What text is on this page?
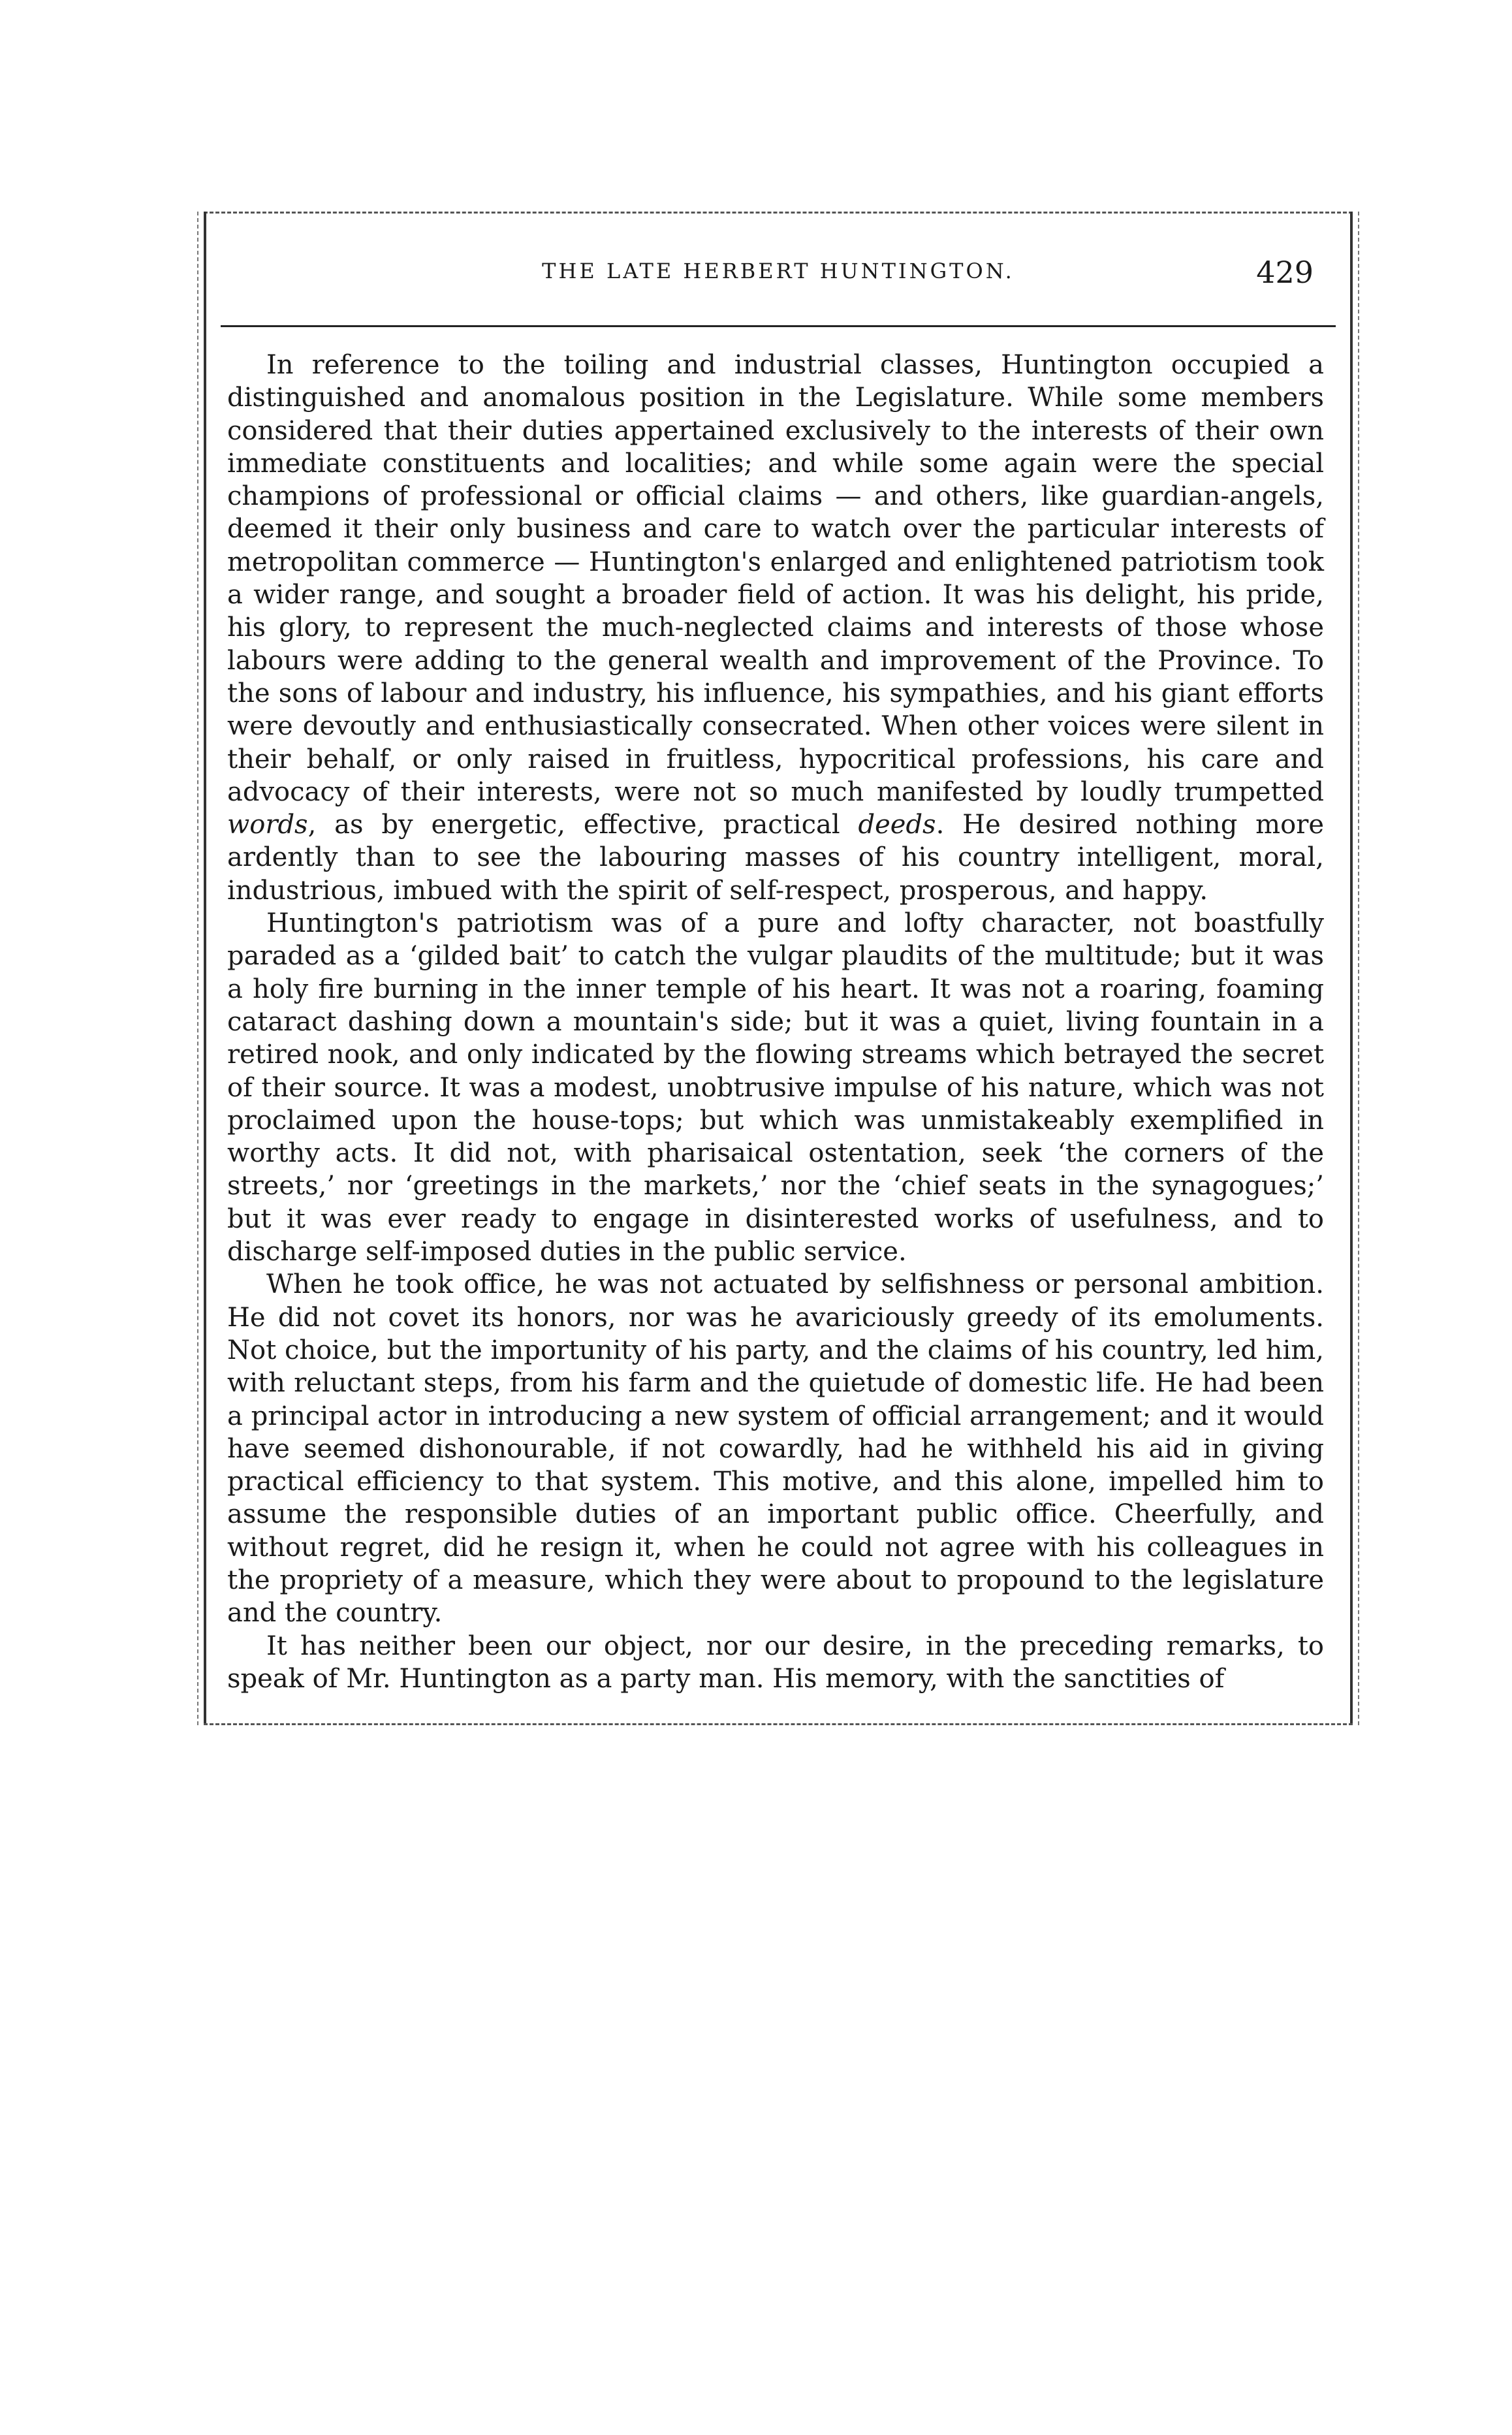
THE LATE HERBERT HUNTINGTON.	429

In reference to the toiling and industrial classes, Huntington occupied a distinguished and anomalous position in the Legislature. While some members considered that their duties appertained exclusively to the interests of their own immediate constituents and localities; and while some again were the special champions of professional or official claims — and others, like guardian-angels, deemed it their only business and care to watch over the particular interests of metropolitan commerce — Huntington's enlarged and enlightened patriotism took a wider range, and sought a broader field of action. It was his delight, his pride, his glory, to represent the much-neglected claims and interests of those whose labours were adding to the general wealth and improvement of the Province. To the sons of labour and industry, his influence, his sympathies, and his giant efforts were devoutly and enthusiastically consecrated. When other voices were silent in their behalf, or only raised in fruitless, hypocritical professions, his care and advocacy of their interests, were not so much manifested by loudly trumpetted words, as by energetic, effective, practical deeds. He desired nothing more ardently than to see the labouring masses of his country intelligent, moral, industrious, imbued with the spirit of self-respect, prosperous, and happy.

Huntington's patriotism was of a pure and lofty character, not boastfully paraded as a ‘gilded bait’ to catch the vulgar plaudits of the multitude; but it was a holy fire burning in the inner temple of his heart. It was not a roaring, foaming cataract dashing down a mountain's side; but it was a quiet, living fountain in a retired nook, and only indicated by the flowing streams which betrayed the secret of their source. It was a modest, unobtrusive impulse of his nature, which was not proclaimed upon the house-tops; but which was unmistakeably exemplified in worthy acts. It did not, with pharisaical ostentation, seek ‘the corners of the streets,’ nor ‘greetings in the markets,’ nor the ‘chief seats in the synagogues;’ but it was ever ready to engage in disinterested works of usefulness, and to discharge self-imposed duties in the public service.

When he took office, he was not actuated by selfishness or personal ambition. He did not covet its honors, nor was he avariciously greedy of its emoluments. Not choice, but the importunity of his party, and the claims of his country, led him, with reluctant steps, from his farm and the quietude of domestic life. He had been a principal actor in introducing a new system of official arrangement; and it would have seemed dishonourable, if not cowardly, had he withheld his aid in giving practical efficiency to that system. This motive, and this alone, impelled him to assume the responsible duties of an important public office. Cheerfully, and without regret, did he resign it, when he could not agree with his colleagues in the propriety of a measure, which they were about to propound to the legislature and the country.

It has neither been our object, nor our desire, in the preceding remarks, to speak of Mr. Huntington as a party man. His memory, with the sanctities of
